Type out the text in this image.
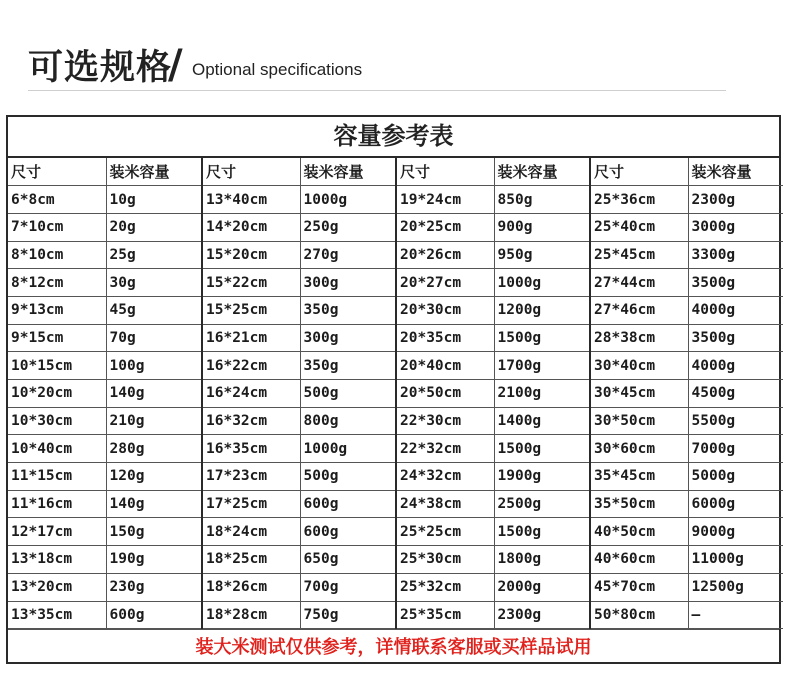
可选规格
/ Optional specifications
容量参考表
尺寸	装米容量	尺寸	装米容量	尺寸	装米容量	尺寸	装米容量
6*8cm	10g	13*40cm	1000g	19*24cm	850g	25*36cm	2300g
7*10cm	20g	14*20cm	250g	20*25cm	900g	25*40cm	3000g
8*10cm	25g	15*20cm	270g	20*26cm	950g	25*45cm	3300g
8*12cm	30g	15*22cm	300g	20*27cm	1000g	27*44cm	3500g
9*13cm	45g	15*25cm	350g	20*30cm	1200g	27*46cm	4000g
9*15cm	70g	16*21cm	300g	20*35cm	1500g	28*38cm	3500g
10*15cm	100g	16*22cm	350g	20*40cm	1700g	30*40cm	4000g
10*20cm	140g	16*24cm	500g	20*50cm	2100g	30*45cm	4500g
10*30cm	210g	16*32cm	800g	22*30cm	1400g	30*50cm	5500g
10*40cm	280g	16*35cm	1000g	22*32cm	1500g	30*60cm	7000g
11*15cm	120g	17*23cm	500g	24*32cm	1900g	35*45cm	5000g
11*16cm	140g	17*25cm	600g	24*38cm	2500g	35*50cm	6000g
12*17cm	150g	18*24cm	600g	25*25cm	1500g	40*50cm	9000g
13*18cm	190g	18*25cm	650g	25*30cm	1800g	40*60cm	11000g
13*20cm	230g	18*26cm	700g	25*32cm	2000g	45*70cm	12500g
13*35cm	600g	18*28cm	750g	25*35cm	2300g	50*80cm	—
装大米测试仅供参考，详情联系客服或买样品试用
